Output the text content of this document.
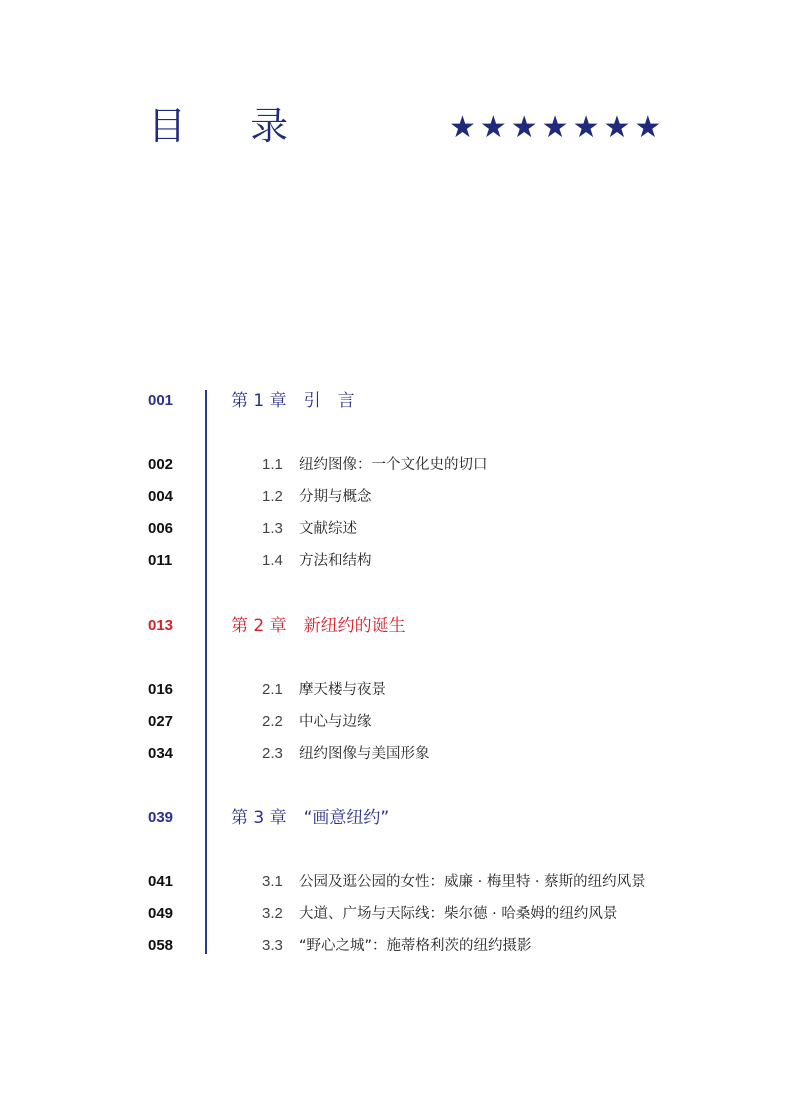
目 录	★★★★★★★
001	第 1 章　引　言
002	1.1 纽约图像：一个文化史的切口
004	1.2 分期与概念
006	1.3 文献综述
011	1.4 方法和结构
013	第 2 章　新纽约的诞生
016	2.1 摩天楼与夜景
027	2.2 中心与边缘
034	2.3 纽约图像与美国形象
039	第 3 章　“画意纽约”
041	3.1 公园及逛公园的女性：威廉 · 梅里特 · 蔡斯的纽约风景
049	3.2 大道、广场与天际线：柴尔德 · 哈桑姆的纽约风景
058	3.3 “野心之城”：施蒂格利茨的纽约摄影
